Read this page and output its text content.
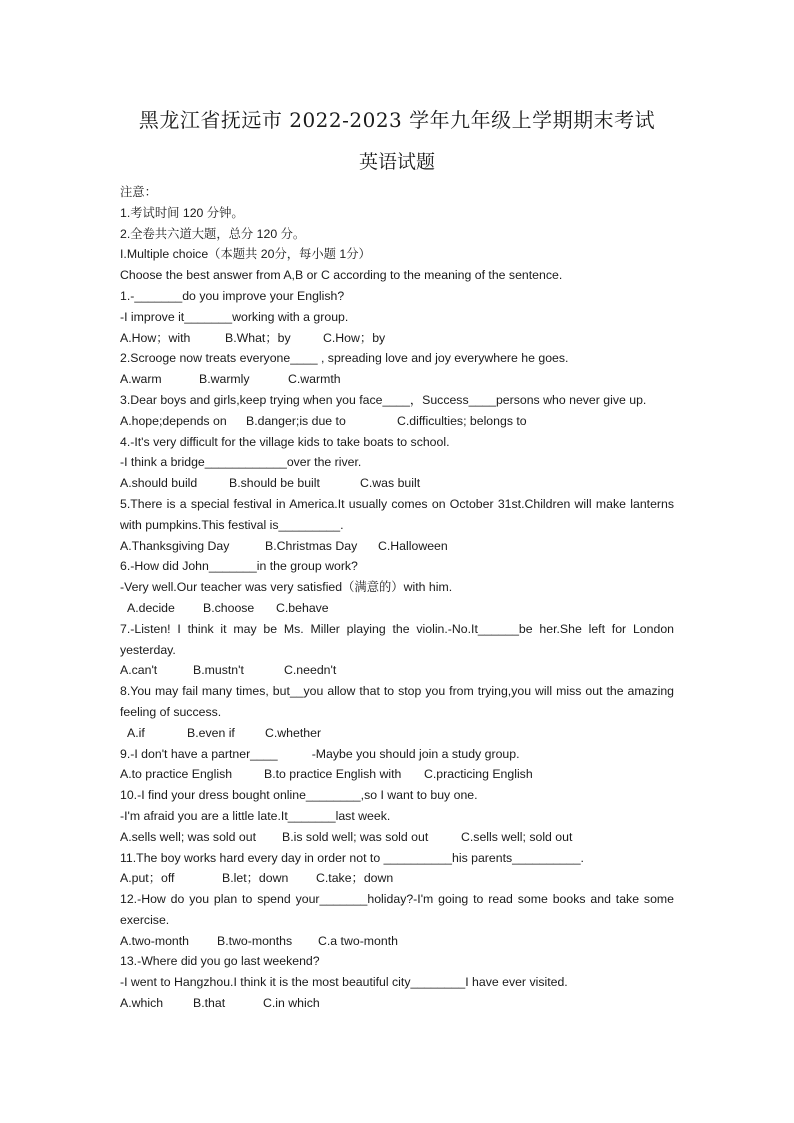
黑龙江省抚远市 2022-2023 学年九年级上学期期末考试
英语试题
注意：
1.考试时间 120 分钟。
2.全卷共六道大题，总分 120 分。
I.Multiple choice（本题共 20分，每小题 1分）
Choose the best answer from A,B or C according to the meaning of the sentence.
1.-_______do you improve your English?
-I improve it_______working with a group.
A.How；with	B.What；by	C.How；by
2.Scrooge now treats everyone____ , spreading love and joy everywhere he goes.
A.warm	B.warmly	C.warmth
3.Dear boys and girls,keep trying when you face____，Success____persons who never give up.
A.hope;depends on B.danger;is due to	C.difficulties; belongs to
4.-It's very difficult for the village kids to take boats to school.
-I think a bridge____________over the river.
A.should build	B.should be built	C.was built
5.There is a special festival in America.It usually comes on October 31st.Children will make lanterns with pumpkins.This festival is_________.
A.Thanksgiving Day	B.Christmas Day C.Halloween
6.-How did John_______in the group work?
-Very well.Our teacher was very satisfied（满意的）with him.
A.decide B.choose C.behave
7.-Listen! I think it may be Ms. Miller playing the violin.-No.It______be her.She left for London yesterday.
A.can't	B.mustn't	C.needn't
8.You may fail many times, but__you allow that to stop you from trying,you will miss out the amazing feeling of success.
A.if	B.even if C.whether
9.-I don't have a partner____          -Maybe you should join a study group.
A.to practice English	B.to practice English with C.practicing English
10.-I find your dress bought online________,so I want to buy one.
-I'm afraid you are a little late.It_______last week.
A.sells well; was sold out B.is sold well; was sold out	C.sells well; sold out
11.The boy works hard every day in order not to __________his parents__________.
A.put；off	B.let；down C.take；down
12.-How do you plan to spend your_______holiday?-I'm going to read some books and take some exercise.
A.two-month B.two-months C.a two-month
13.-Where did you go last weekend?
-I went to Hangzhou.I think it is the most beautiful city________I have ever visited.
A.which B.that	C.in which
